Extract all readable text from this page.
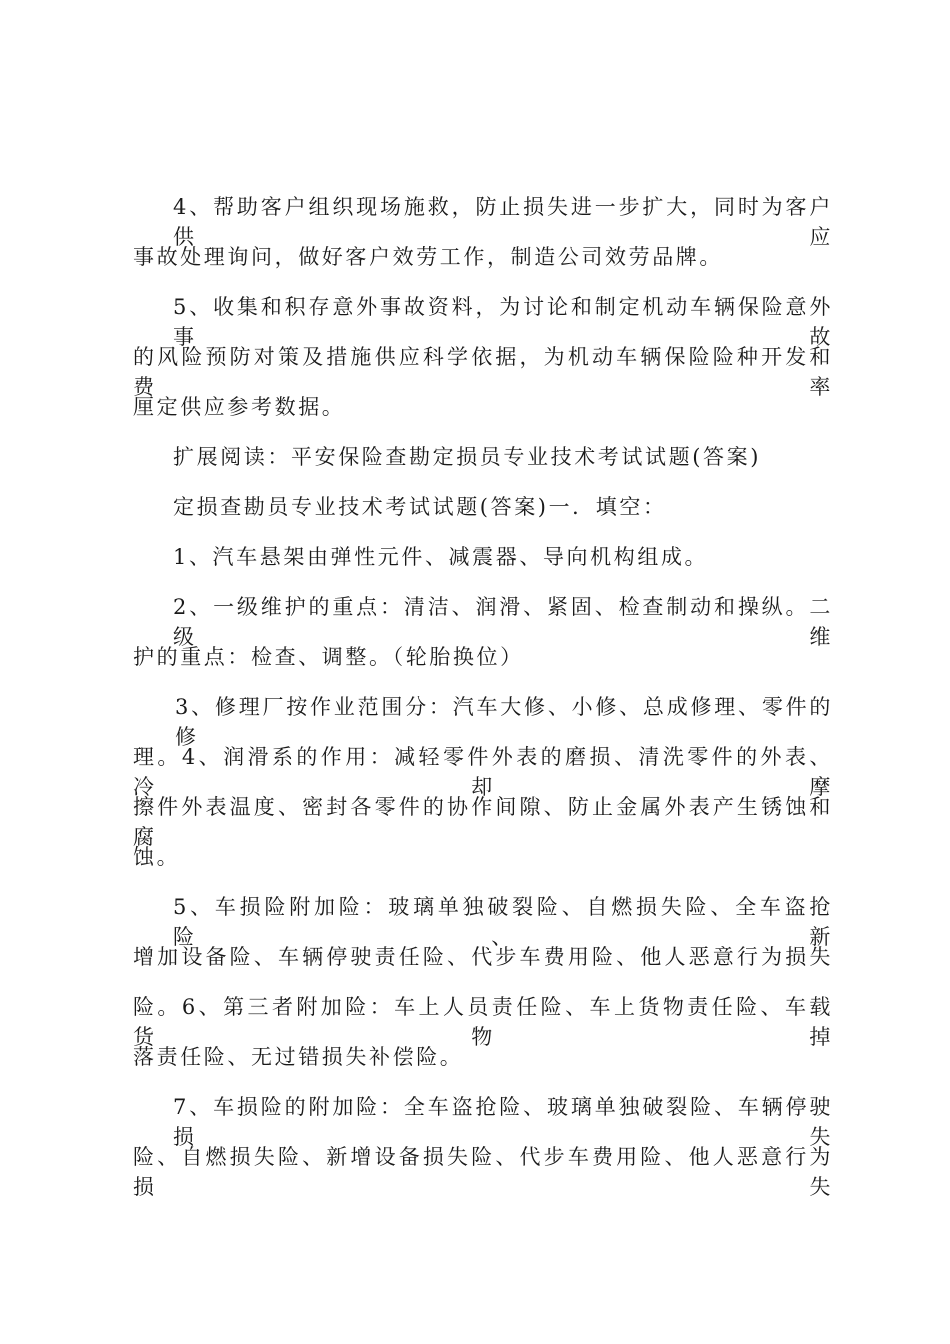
4、帮助客户组织现场施救，防止损失进一步扩大，同时为客户供应
事故处理询问，做好客户效劳工作，制造公司效劳品牌。
5、收集和积存意外事故资料，为讨论和制定机动车辆保险意外事故
的风险预防对策及措施供应科学依据，为机动车辆保险险种开发和费率
厘定供应参考数据。
扩展阅读：平安保险查勘定损员专业技术考试试题(答案)
定损查勘员专业技术考试试题(答案)一．填空：
1、汽车悬架由弹性元件、减震器、导向机构组成。
2、一级维护的重点：清洁、润滑、紧固、检查制动和操纵。二级维
护的重点：检查、调整。（轮胎换位）
3、修理厂按作业范围分：汽车大修、小修、总成修理、零件的修
理。4、润滑系的作用：减轻零件外表的磨损、清洗零件的外表、冷却摩
擦件外表温度、密封各零件的协作间隙、防止金属外表产生锈蚀和腐
蚀。
5、车损险附加险：玻璃单独破裂险、自燃损失险、全车盗抢险、新
增加设备险、车辆停驶责任险、代步车费用险、他人恶意行为损失
险。6、第三者附加险：车上人员责任险、车上货物责任险、车载货物掉
落责任险、无过错损失补偿险。
7、车损险的附加险：全车盗抢险、玻璃单独破裂险、车辆停驶损失
险、自燃损失险、新增设备损失险、代步车费用险、他人恶意行为损失
